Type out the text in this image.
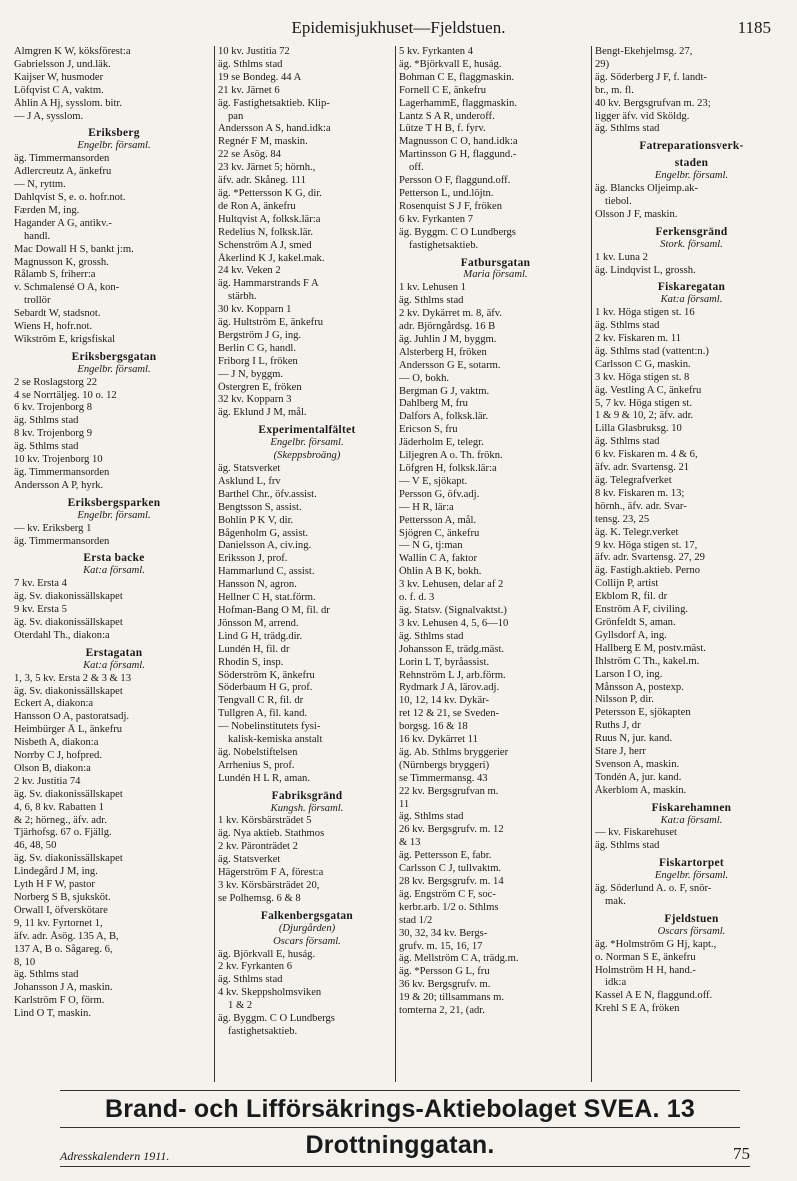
Epidemisjukhuset—Fjeldstuen.	1185
Almgren K W, köksförest:a
Gabrielsson J, und.läk.
Kaijser W, husmoder
Löfqvist C A, vaktm.
Åhlin A Hj, sysslom. bitr.
— J A, sysslom.
Eriksberg
Engelbr. församl.
äg. Timmermansorden
Adlercreutz A, änkefru
— N, ryttm.
Dahlqvist S, e. o. hofr.not.
Færden M, ing.
Hagander A G, antikv.-
handl.
Mac Dowall H S, bankt j:m.
Magnusson K, grossh.
Rålamb S, friherr:a
v. Schmalensé O A, kon-
trollör
Sebardt W, stadsnot.
Wiens H, hofr.not.
Wikström E, krigsfiskal
Eriksbergsgatan
Engelbr. församl.
2 se Roslagstorg 22
4 se Norrtäljeg. 10 o. 12
6 kv. Trojenborg 8
äg. Sthlms stad
8 kv. Trojenborg 9
äg. Sthlms stad
10 kv. Trojenborg 10
äg. Timmermansorden
Andersson A P, hyrk.
Eriksbergsparken
Engelbr. församl.
— kv. Eriksberg 1
äg. Timmermansorden
Ersta backe
Kat:a församl.
7 kv. Ersta 4
äg. Sv. diakonissällskapet
9 kv. Ersta 5
äg. Sv. diakonissällskapet
Oterdahl Th., diakon:a
Erstagatan
Kat:a församl.
1, 3, 5 kv. Ersta 2 & 3 & 13
äg. Sv. diakonissällskapet
Eckert A, diakon:a
Hansson O A, pastoratsadj.
Heimbürger Å L, änkefru
Nisbeth A, diakon:a
Norrby C J, hofpred.
Olson B, diakon:a
2 kv. Justitia 74
äg. Sv. diakonissällskapet
4, 6, 8 kv. Rabatten 1
& 2; hörneg., äfv. adr.
Tjärhofsg. 67 o. Fjällg.
46, 48, 50
äg. Sv. diakonissällskapet
Lindegård J M, ing.
Lyth H F W, pastor
Norberg S B, sjuksköt.
Örwall I, öfverskötare
9, 11 kv. Fyrtornet 1,
äfv. adr. Åsög. 135 A, B,
137 A, B o. Sågareg. 6,
8, 10
äg. Sthlms stad
Johansson J A, maskin.
Karlström F O, förm.
Lind O T, maskin.
10 kv. Justitia 72
äg. Sthlms stad
19 se Bondeg. 44 A
21 kv. Järnet 6
äg. Fastighetsaktieb. Klip-
pan
Andersson A S, hand.idk:a
Regnér F M, maskin.
22 se Åsög. 84
23 kv. Järnet 5; hörnh.,
äfv. adr. Skåneg. 111
äg. *Pettersson K G, dir.
de Ron A, änkefru
Hultqvist A, folksk.lär:a
Redelius N, folksk.lär.
Schenström A J, smed
Åkerlind K J, kakel.mak.
24 kv. Veken 2
äg. Hammarstrands F A
stärbh.
30 kv. Kopparn 1
äg. Hultström E, änkefru
Bergström J G, ing.
Berlin C G, handl.
Friborg I L, fröken
— J N, byggm.
Östergren E, fröken
32 kv. Kopparn 3
äg. Eklund J M, mål.
Experimentalfältet
Engelbr. församl.
(Skeppsbroäng)
äg. Statsverket
Asklund L, frv
Barthel Chr., öfv.assist.
Bengtsson S, assist.
Bohlin P K V, dir.
Bågenholm G, assist.
Danielsson A, civ.ing.
Eriksson J, prof.
Hammarlund C, assist.
Hansson N, agron.
Hellner C H, stat.förm.
Hofman-Bang O M, fil. dr
Jönsson M, arrend.
Lind G H, trädg.dir.
Lundén H, fil. dr
Rhodin S, insp.
Söderström K, änkefru
Söderbaum H G, prof.
Tengvall C R, fil. dr
Tullgren A, fil. kand.
— Nobelinstitutets fysi-
kalisk-kemiska anstalt
äg. Nobelstiftelsen
Arrhenius S, prof.
Lundén H L R, aman.
Fabriksgränd
Kungsh. församl.
1 kv. Körsbärsträdet 5
äg. Nya aktieb. Stathmos
2 kv. Päronträdet 2
äg. Statsverket
Hägerström F A, förest:a
3 kv. Körsbärsträdet 20,
se Polhemsg. 6 & 8
Falkenbergsgatan
(Djurgården)
Oscars församl.
äg. Björkvall E, huság.
2 kv. Fyrkanten 6
äg. Sthlms stad
4 kv. Skeppsholmsviken
1 & 2
äg. Byggm. C O Lundbergs
fastighetsaktieb.
5 kv. Fyrkanten 4
äg. *Björkvall E, huság.
Bohman C E, flaggmaskin.
Fornell C E, änkefru
LagerhammE, flaggmaskin.
Lantz S A R, underoff.
Lütze T H B, f. fyrv.
Magnusson C O, hand.idk:a
Martinsson G H, flaggund.-
off.
Persson O F, flaggund.off.
Petterson L, und.löjtn.
Rosenquist S J F, fröken
6 kv. Fyrkanten 7
äg. Byggm. C O Lundbergs
fastighetsaktieb.
Fatbursgatan
Maria församl.
1 kv. Lehusen 1
äg. Sthlms stad
2 kv. Dykärret m. 8, äfv.
adr. Björngårdsg. 16 B
äg. Juhlin J M, byggm.
Alsterberg H, fröken
Andersson G E, sotarm.
— O, bokh.
Bergman G J, vaktm.
Dahlberg M, fru
Dalfors A, folksk.lär.
Ericson S, fru
Jäderholm E, telegr.
Liljegren A o. Th. frökn.
Löfgren H, folksk.lär:a
— V E, sjökapt.
Persson G, öfv.adj.
— H R, lär:a
Pettersson A, mål.
Sjögren C, änkefru
— N G, tj:man
Wallin C A, faktor
Öhlin A B K, bokh.
3 kv. Lehusen, delar af 2
o. f. d. 3
äg. Statsv. (Signalvaktst.)
3 kv. Lehusen 4, 5, 6—10
äg. Sthlms stad
Johansson E, trädg.mäst.
Lorin L T, byråassist.
Rehnström L J, arb.förm.
Rydmark J A, lärov.adj.
10, 12, 14 kv. Dykär-
ret 12 & 21, se Sveden-
borgsg. 16 & 18
16 kv. Dykärret 11
äg. Ab. Sthlms bryggerier
(Nürnbergs bryggeri)
se Timmermansg. 43
22 kv. Bergsgrufvan m.
11
äg. Sthlms stad
26 kv. Bergsgrufv. m. 12
& 13
äg. Pettersson E, fabr.
Carlsson C J, tullvaktm.
28 kv. Bergsgrufv. m. 14
äg. Engström C F, soc-
kerbr.arb. 1/2 o. Sthlms
stad 1/2
30, 32, 34 kv. Bergs-
grufv. m. 15, 16, 17
äg. Mellström C A, trädg.m.
äg. *Persson G L, fru
36 kv. Bergsgrufv. m.
19 & 20; tillsammans m.
tomterna 2, 21, (adr.
Bengt-Ekehjelmsg. 27,
29)
äg. Söderberg J F, f. landt-
br., m. fl.
40 kv. Bergsgrufvan m. 23;
ligger äfv. vid Sköldg.
äg. Sthlms stad
Fatreparationsverk-
staden
Engelbr. församl.
äg. Blancks Oljeimp.ak-
tiebol.
Olsson J F, maskin.
Ferkensgränd
Stork. församl.
1 kv. Luna 2
äg. Lindqvist L, grossh.
Fiskaregatan
Kat:a församl.
1 kv. Höga stigen st. 16
äg. Sthlms stad
2 kv. Fiskaren m. 11
äg. Sthlms stad (vattent:n.)
Carlsson C G, maskin.
3 kv. Höga stigen st. 8
äg. Vestling A C, änkefru
5, 7 kv. Höga stigen st.
1 & 9 & 10, 2; äfv. adr.
Lilla Glasbruksg. 10
äg. Sthlms stad
6 kv. Fiskaren m. 4 & 6,
äfv. adr. Svartensg. 21
äg. Telegrafverket
8 kv. Fiskaren m. 13;
hörnh., äfv. adr. Svar-
tensg. 23, 25
äg. K. Telegr.verket
9 kv. Höga stigen st. 17,
äfv. adr. Svartensg. 27, 29
äg. Fastigh.aktieb. Perno
Collijn P, artist
Ekblom R, fil. dr
Enström A F, civiling.
Grönfeldt S, aman.
Gyllsdorf A, ing.
Hallberg E M, postv.mäst.
Ihlström C Th., kakel.m.
Larson I O, ing.
Månsson A, postexp.
Nilsson P, dir.
Petersson E, sjökapten
Ruths J, dr
Ruus N, jur. kand.
Stare J, herr
Svenson A, maskin.
Tondén A, jur. kand.
Åkerblom A, maskin.
Fiskarehamnen
Kat:a församl.
— kv. Fiskarehuset
äg. Sthlms stad
Fiskartorpet
Engelbr. församl.
äg. Söderlund A. o. F, snör-
mak.
Fjeldstuen
Oscars församl.
äg. *Holmström G Hj, kapt.,
o. Norman S E, änkefru
Holmström H H, hand.-
idk:a
Kassel A E N, flaggund.off.
Krehl S E A, fröken
Brand- och Lifförsäkrings-Aktiebolaget SVEA. 13 Drottninggatan.
Adresskalendern 1911.	75
